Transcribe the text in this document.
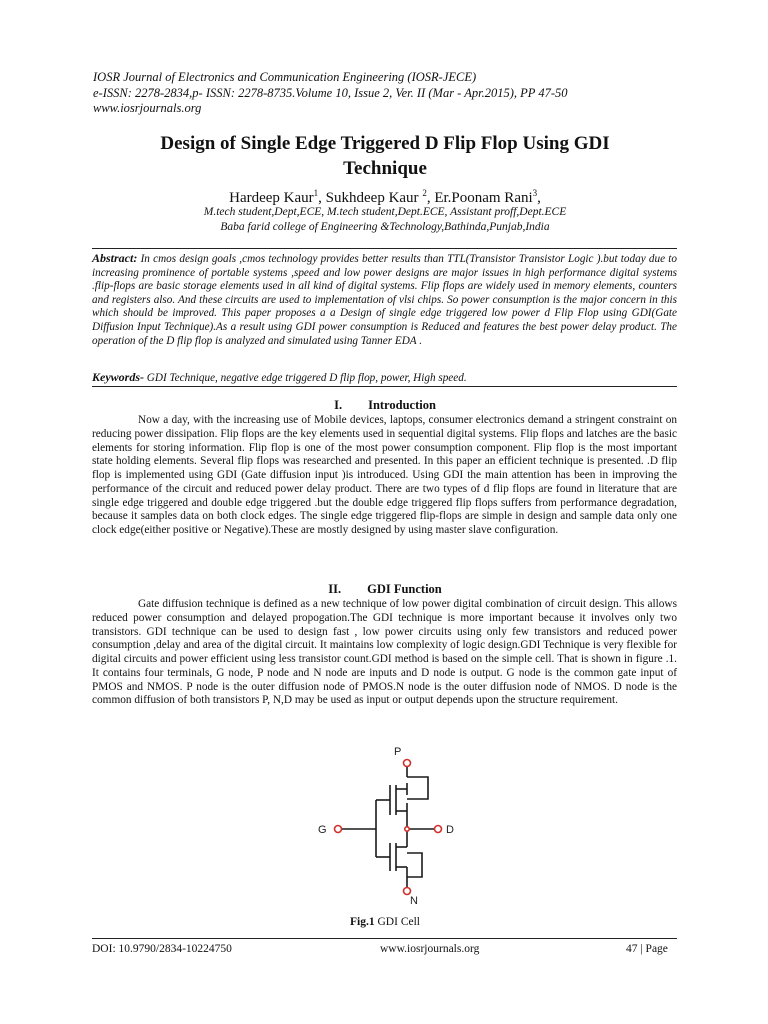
IOSR Journal of Electronics and Communication Engineering (IOSR-JECE)
e-ISSN: 2278-2834,p- ISSN: 2278-8735.Volume 10, Issue 2, Ver. II (Mar - Apr.2015), PP 47-50
www.iosrjournals.org
Design of Single Edge Triggered D Flip Flop Using GDI
Technique
Hardeep Kaur$^1$, Sukhdeep Kaur $^2$, Er.Poonam Rani$^3$,
M.tech student,Dept,ECE, M.tech student,Dept.ECE, Assistant proff,Dept.ECE
Baba farid college of Engineering &Technology,Bathinda,Punjab,India
Abstract: In cmos design goals ,cmos technology provides better results than TTL(Transistor Transistor Logic ).but today due to increasing prominence of portable systems ,speed and low power designs are major issues in high performance digital systems .flip-flops are basic storage elements used in all kind of digital systems. Flip flops are widely used in memory elements, counters and registers also. And these circuits are used to implementation of vlsi chips. So power consumption is the major concern in this which should be improved. This paper proposes a a Design of single edge triggered low power d Flip Flop using GDI(Gate Diffusion Input Technique).As a result using GDI power consumption is Reduced and features the best power delay product. The operation of the D flip flop is analyzed and simulated using Tanner EDA .
Keywords- GDI Technique, negative edge triggered D flip flop, power, High speed.
I. Introduction
Now a day, with the increasing use of Mobile devices, laptops, consumer electronics demand a stringent constraint on reducing power dissipation. Flip flops are the key elements used in sequential digital systems. Flip flops and latches are the basic elements for storing information. Flip flop is one of the most power consumption component. Flip flop is the most important state holding elements. Several flip flops was researched and presented. In this paper an efficient technique is presented. .D flip flop is implemented using GDI (Gate diffusion input )is introduced. Using GDI the main attention has been in improving the performance of the circuit and reduced power delay product. There are two types of d flip flops are found in literature that are single edge triggered and double edge triggered .but the double edge triggered flip flops suffers from performance degradation, because it samples data on both clock edges. The single edge triggered flip-flops are simple in design and sample data only one clock edge(either positive or Negative).These are mostly designed by using master slave configuration.
II. GDI Function
Gate diffusion technique is defined as a new technique of low power digital combination of circuit design. This allows reduced power consumption and delayed propogation.The GDI technique is more important because it involves only two transistors. GDI technique can be used to design fast , low power circuits using only few transistors and reduced power consumption ,delay and area of the digital circuit. It maintains low complexity of logic design.GDI Technique is very flexible for digital circuits and power efficient using less transistor count.GDI method is based on the simple cell. That is shown in figure .1. It contains four terminals, G node, P node and N node are inputs and D node is output. G node is the common gate input of PMOS and NMOS. P node is the outer diffusion node of PMOS.N node is the outer diffusion node of NMOS. D node is the common diffusion of both transistors P, N,D may be used as input or output depends upon the structure requirement.
P
G	D
N
Fig.1 GDI Cell
DOI: 10.9790/2834-10224750	www.iosrjournals.org	47 | Page
